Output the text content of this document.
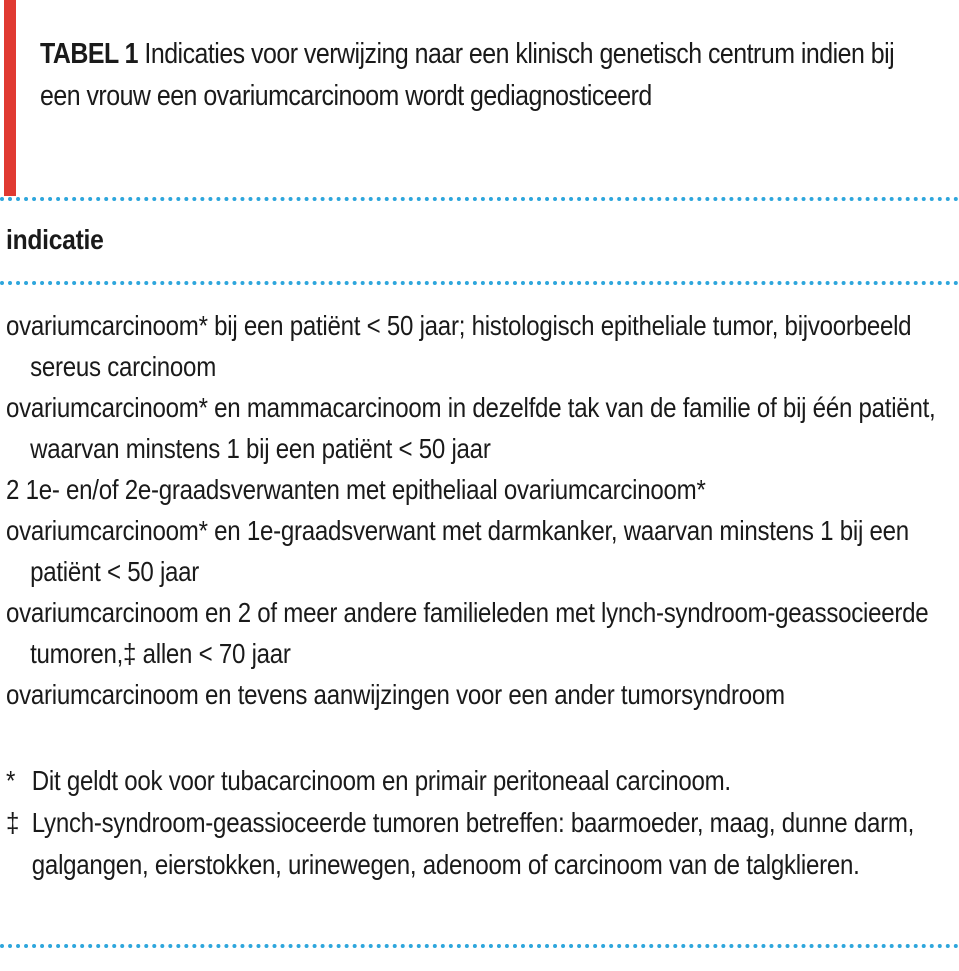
TABEL 1 Indicaties voor verwijzing naar een klinisch genetisch centrum indien bij een vrouw een ovariumcarcinoom wordt gediagnosticeerd
indicatie
ovariumcarcinoom* bij een patiënt < 50 jaar; histologisch epitheliale tumor, bijvoorbeeld sereus carcinoom
ovariumcarcinoom* en mammacarcinoom in dezelfde tak van de familie of bij één patiënt, waarvan minstens 1 bij een patiënt < 50 jaar
2 1e- en/of 2e-graadsverwanten met epitheliaal ovariumcarcinoom*
ovariumcarcinoom* en 1e-graadsverwant met darmkanker, waarvan minstens 1 bij een patiënt < 50 jaar
ovariumcarcinoom en 2 of meer andere familieleden met lynch-syndroom-geassocieerde tumoren,‡ allen < 70 jaar
ovariumcarcinoom en tevens aanwijzingen voor een ander tumorsyndroom
* Dit geldt ook voor tubacarcinoom en primair peritoneaal carcinoom.
‡ Lynch-syndroom-geassioceerde tumoren betreffen: baarmoeder, maag, dunne darm, galgangen, eierstokken, urinewegen, adenoom of carcinoom van de talgklieren.
